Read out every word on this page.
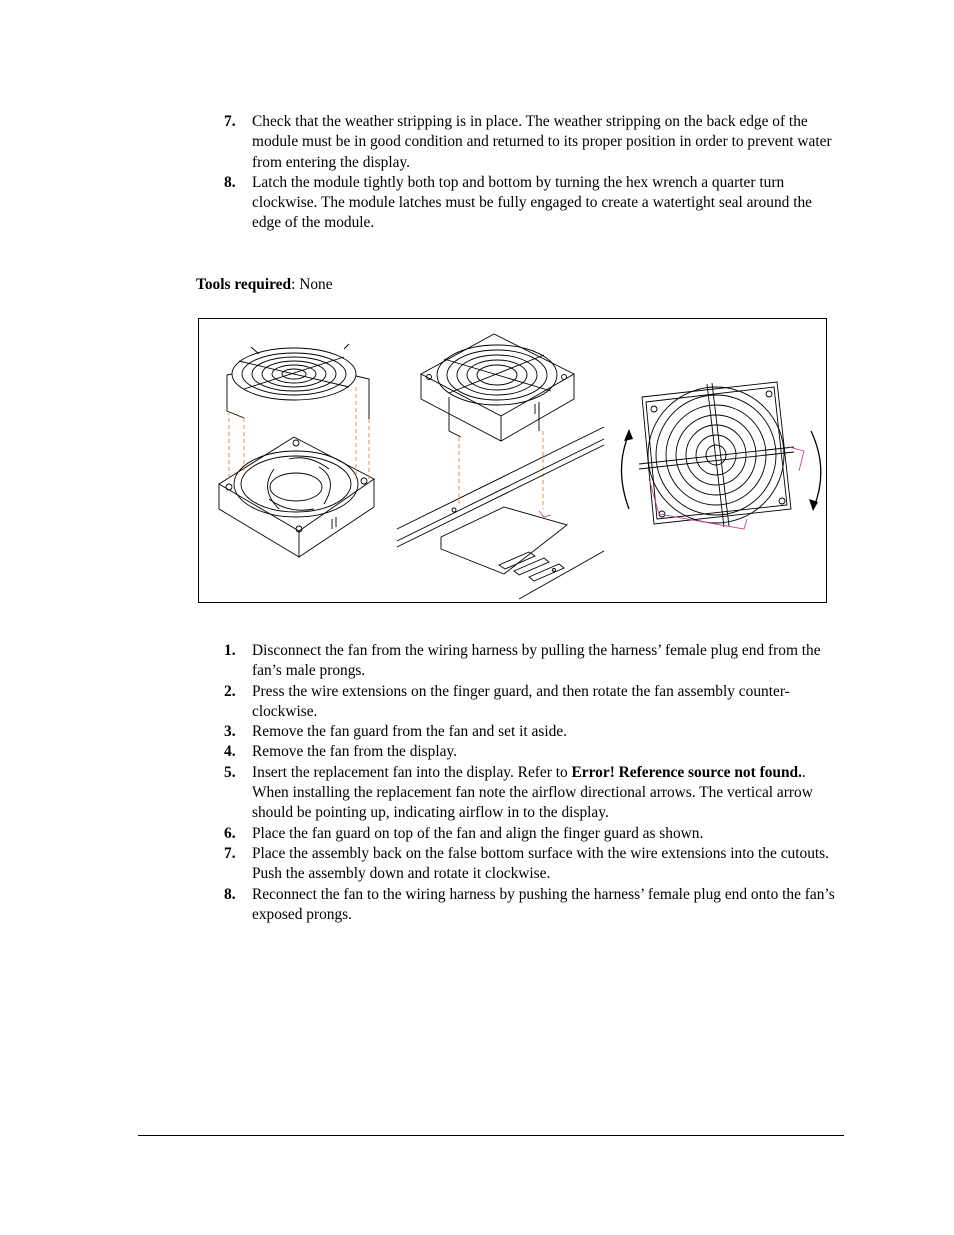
7. Check that the weather stripping is in place. The weather stripping on the back edge of the module must be in good condition and returned to its proper position in order to prevent water from entering the display.
8. Latch the module tightly both top and bottom by turning the hex wrench a quarter turn clockwise. The module latches must be fully engaged to create a watertight seal around the edge of the module.
Tools required: None
1. Disconnect the fan from the wiring harness by pulling the harness’ female plug end from the fan’s male prongs.
2. Press the wire extensions on the finger guard, and then rotate the fan assembly counter-clockwise.
3. Remove the fan guard from the fan and set it aside.
4. Remove the fan from the display.
5. Insert the replacement fan into the display. Refer to Error! Reference source not found.. When installing the replacement fan note the airflow directional arrows. The vertical arrow should be pointing up, indicating airflow in to the display.
6. Place the fan guard on top of the fan and align the finger guard as shown.
7. Place the assembly back on the false bottom surface with the wire extensions into the cutouts. Push the assembly down and rotate it clockwise.
8. Reconnect the fan to the wiring harness by pushing the harness’ female plug end onto the fan’s exposed prongs.
